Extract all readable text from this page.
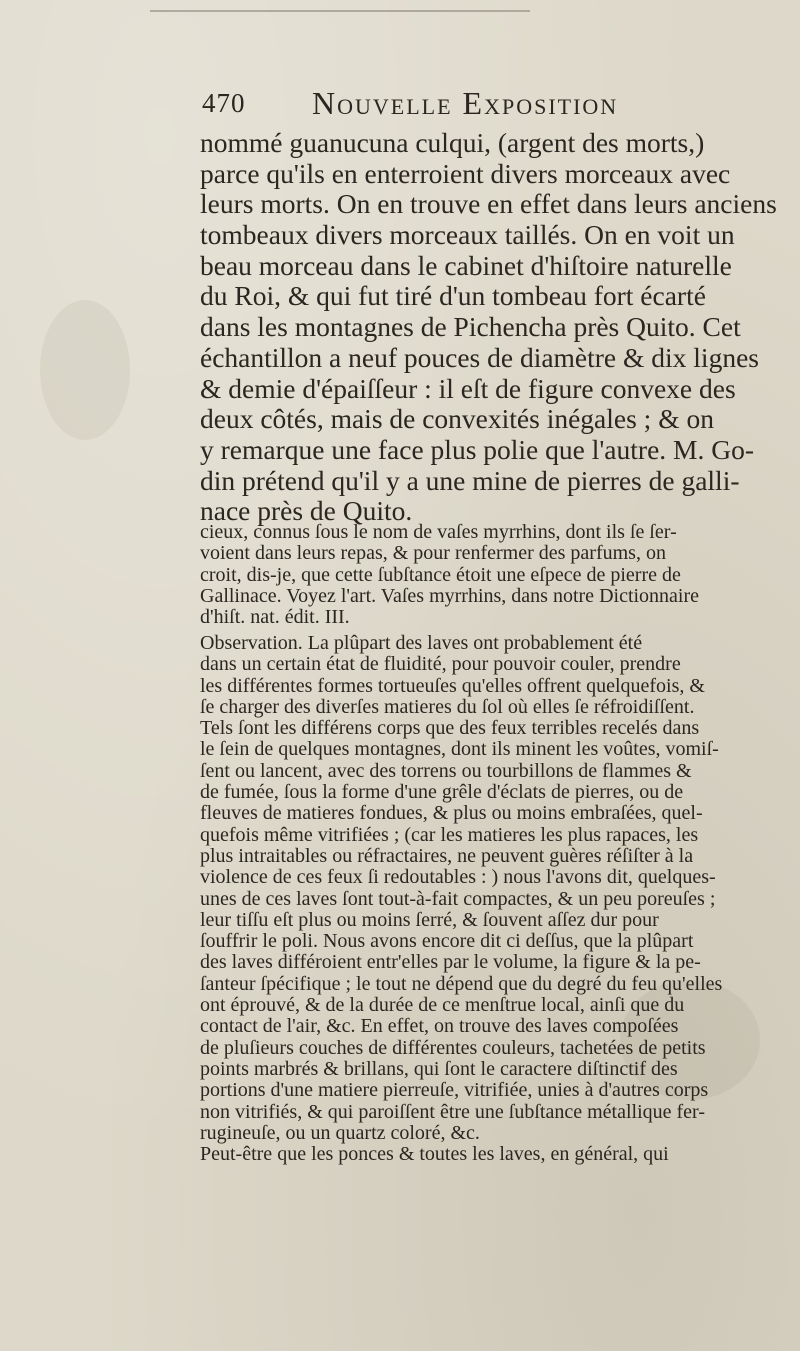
470 Nouvelle Exposition
nommé guanucuna culqui, (argent des morts,)
parce qu'ils en enterroient divers morceaux avec
leurs morts. On en trouve en effet dans leurs anciens
tombeaux divers morceaux taillés. On en voit un
beau morceau dans le cabinet d'hiſtoire naturelle
du Roi, & qui fut tiré d'un tombeau fort écarté
dans les montagnes de Pichencha près Quito. Cet
échantillon a neuf pouces de diamètre & dix lignes
& demie d'épaiſſeur : il eſt de figure convexe des
deux côtés, mais de convexités inégales ; & on
y remarque une face plus polie que l'autre. M. Go-
din prétend qu'il y a une mine de pierres de galli-
nace près de Quito.
cieux, connus ſous le nom de vaſes myrrhins, dont ils ſe ſer-
voient dans leurs repas, & pour renfermer des parfums, on
croit, dis-je, que cette ſubſtance étoit une eſpece de pierre de
Gallinace. Voyez l'art. Vaſes myrrhins, dans notre Dictionnaire
d'hiſt. nat. édit. III.
Observation. La plûpart des laves ont probablement été
dans un certain état de fluidité, pour pouvoir couler, prendre
les différentes formes tortueuſes qu'elles offrent quelquefois, &
ſe charger des diverſes matieres du ſol où elles ſe réfroidiſſent.
Tels ſont les différens corps que des feux terribles recelés dans
le ſein de quelques montagnes, dont ils minent les voûtes, vomiſ-
ſent ou lancent, avec des torrens ou tourbillons de flammes &
de fumée, ſous la forme d'une grêle d'éclats de pierres, ou de
fleuves de matieres fondues, & plus ou moins embraſées, quel-
quefois même vitrifiées ; (car les matieres les plus rapaces, les
plus intraitables ou réfractaires, ne peuvent guères réſiſter à la
violence de ces feux ſi redoutables : ) nous l'avons dit, quelques-
unes de ces laves ſont tout-à-fait compactes, & un peu poreuſes ;
leur tiſſu eſt plus ou moins ſerré, & ſouvent aſſez dur pour
ſouffrir le poli. Nous avons encore dit ci deſſus, que la plûpart
des laves différoient entr'elles par le volume, la figure & la pe-
ſanteur ſpécifique ; le tout ne dépend que du degré du feu qu'elles
ont éprouvé, & de la durée de ce menſtrue local, ainſi que du
contact de l'air, &c. En effet, on trouve des laves compoſées
de pluſieurs couches de différentes couleurs, tachetées de petits
points marbrés & brillans, qui ſont le caractere diſtinctif des
portions d'une matiere pierreuſe, vitrifiée, unies à d'autres corps
non vitrifiés, & qui paroiſſent être une ſubſtance métallique fer-
rugineuſe, ou un quartz coloré, &c.
Peut-être que les ponces & toutes les laves, en général, qui
